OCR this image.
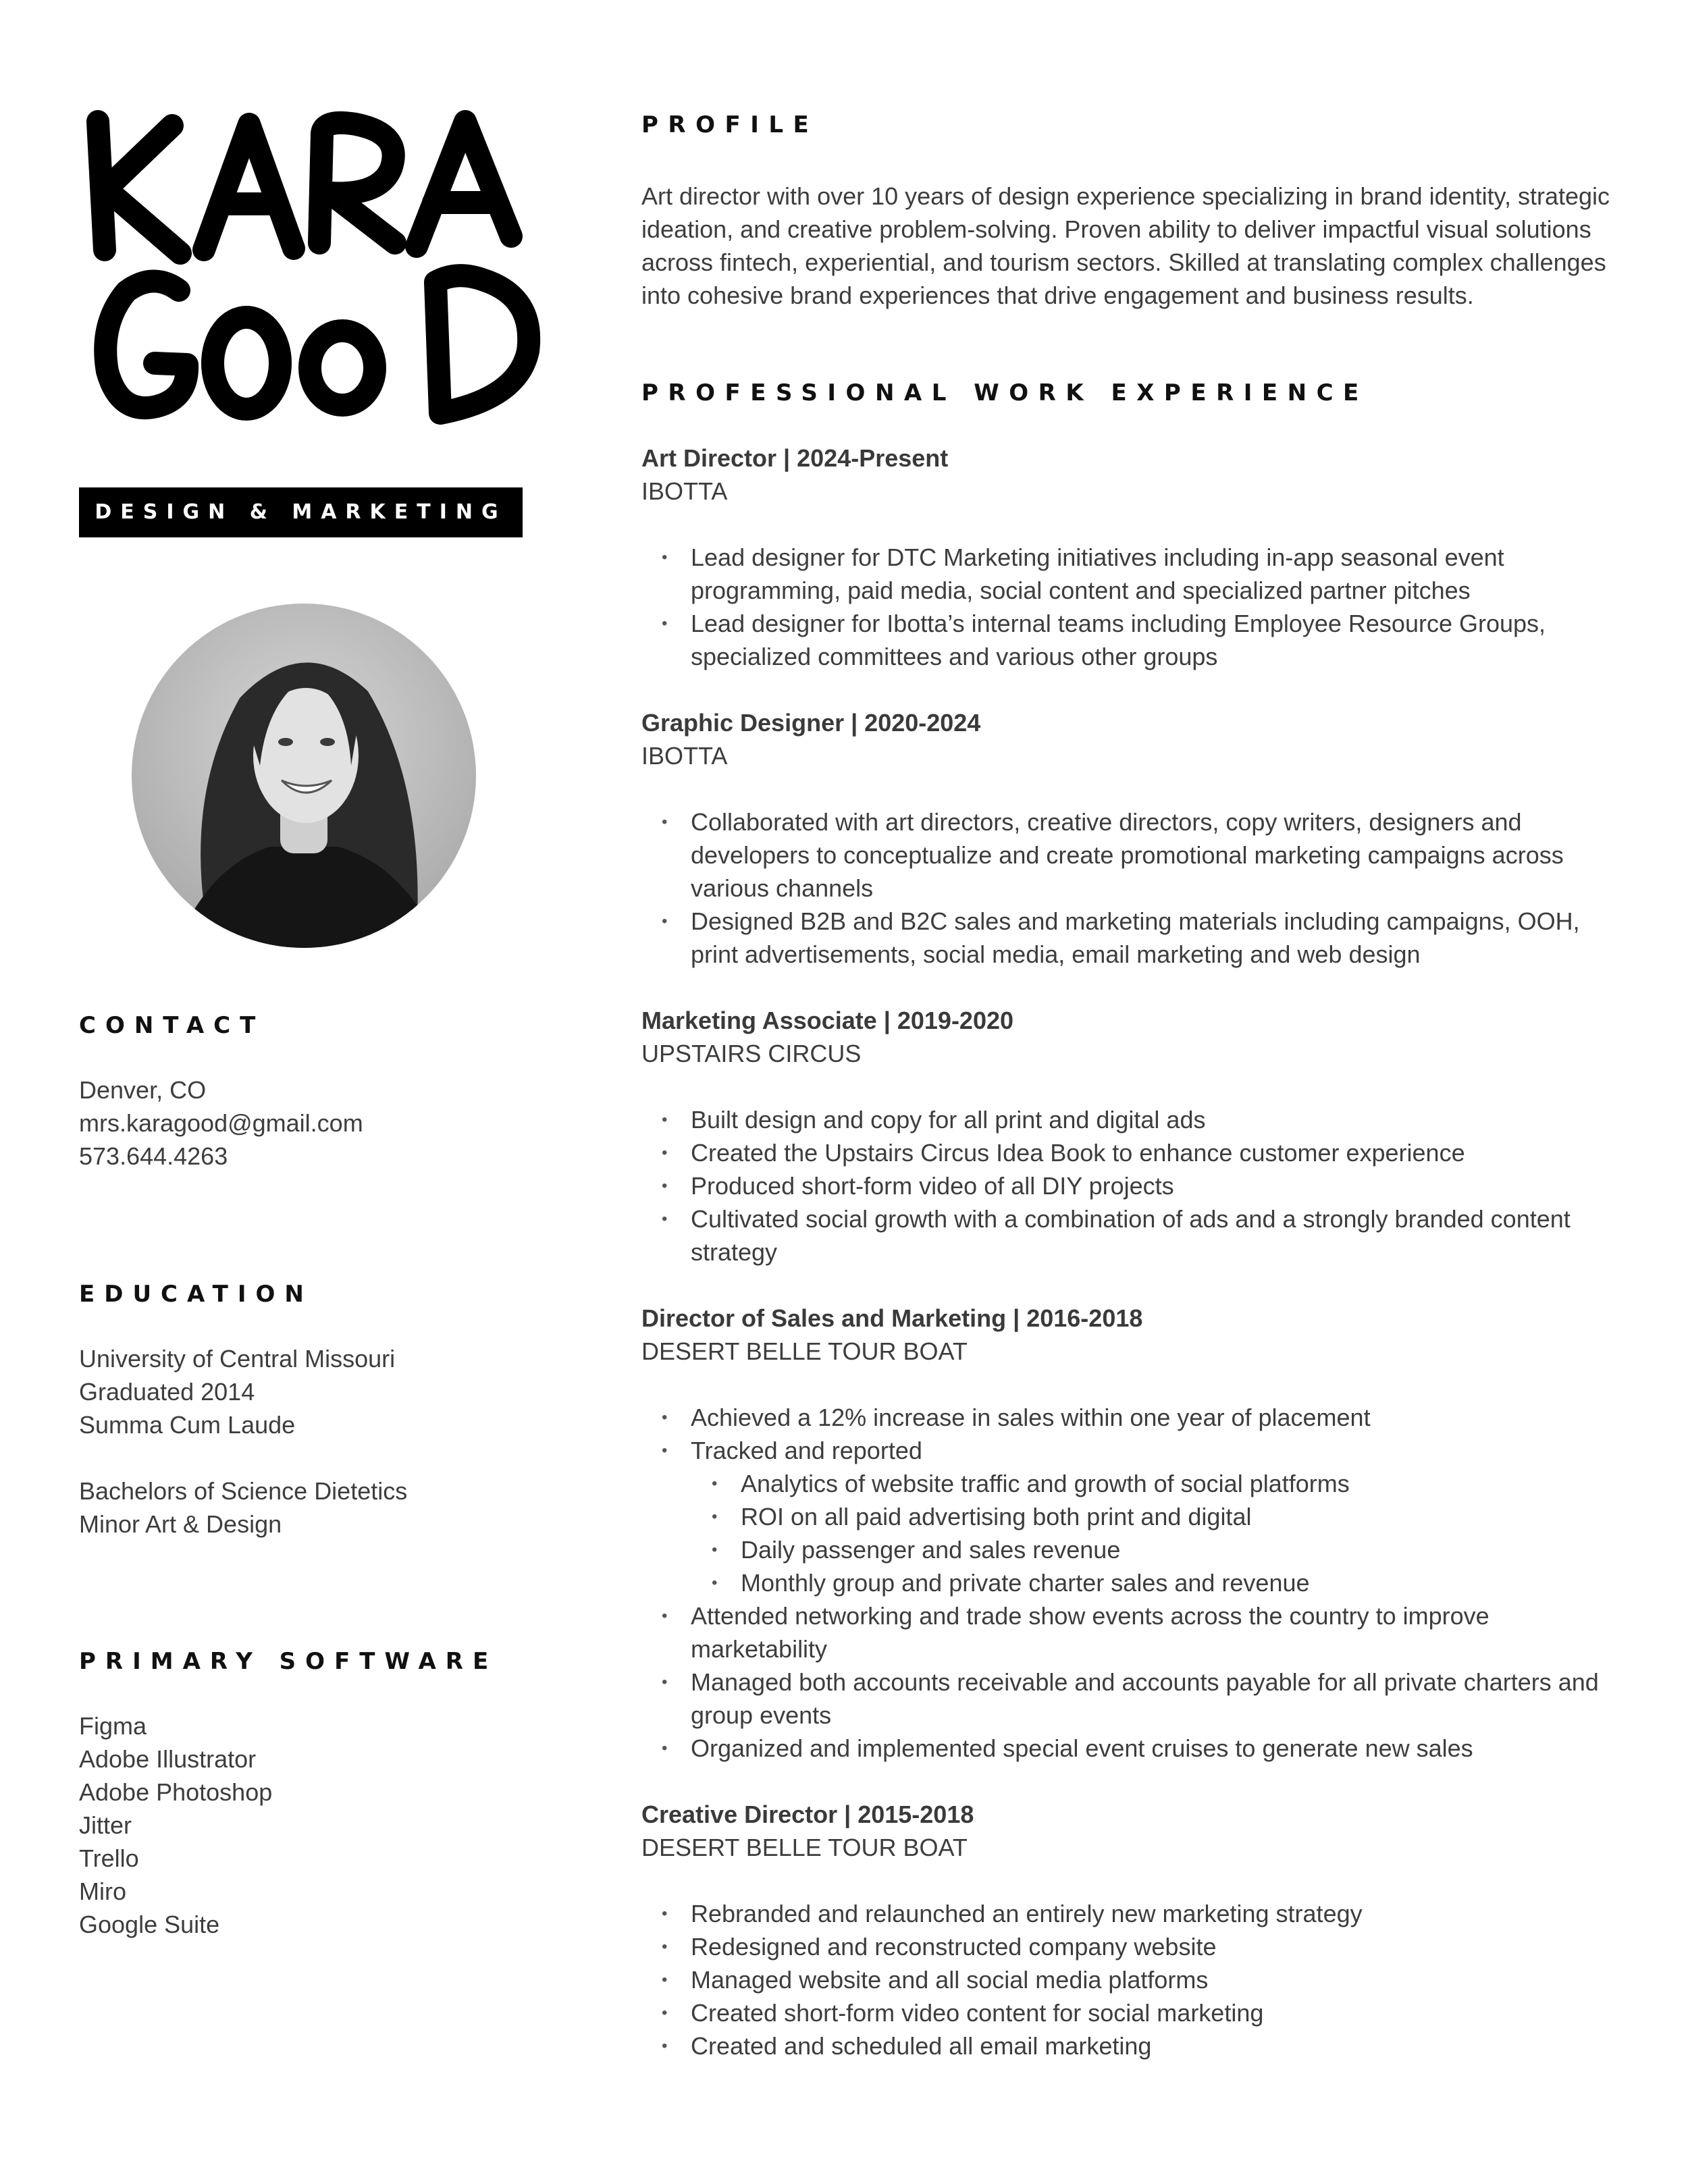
DESIGN & MARKETING
CONTACT
Denver, CO
mrs.karagood@gmail.com
573.644.4263
EDUCATION
University of Central Missouri
Graduated 2014
Summa Cum Laude
Bachelors of Science Dietetics
Minor Art & Design
PRIMARY SOFTWARE
Figma
Adobe Illustrator
Adobe Photoshop
Jitter
Trello
Miro
Google Suite
PROFILE
Art director with over 10 years of design experience specializing in brand identity, strategic ideation, and creative problem-solving. Proven ability to deliver impactful visual solutions across fintech, experiential, and tourism sectors. Skilled at translating complex challenges into cohesive brand experiences that drive engagement and business results.
PROFESSIONAL WORK EXPERIENCE
Art Director | 2024-Present
IBOTTA
• Lead designer for DTC Marketing initiatives including in-app seasonal event programming, paid media, social content and specialized partner pitches
• Lead designer for Ibotta’s internal teams including Employee Resource Groups, specialized committees and various other groups
Graphic Designer | 2020-2024
IBOTTA
• Collaborated with art directors, creative directors, copy writers, designers and developers to conceptualize and create promotional marketing campaigns across various channels
• Designed B2B and B2C sales and marketing materials including campaigns, OOH, print advertisements, social media, email marketing and web design
Marketing Associate | 2019-2020
UPSTAIRS CIRCUS
• Built design and copy for all print and digital ads
• Created the Upstairs Circus Idea Book to enhance customer experience
• Produced short-form video of all DIY projects
• Cultivated social growth with a combination of ads and a strongly branded content strategy
Director of Sales and Marketing | 2016-2018
DESERT BELLE TOUR BOAT
• Achieved a 12% increase in sales within one year of placement
• Tracked and reported
• Analytics of website traffic and growth of social platforms
• ROI on all paid advertising both print and digital
• Daily passenger and sales revenue
• Monthly group and private charter sales and revenue
• Attended networking and trade show events across the country to improve marketability
• Managed both accounts receivable and accounts payable for all private charters and group events
• Organized and implemented special event cruises to generate new sales
Creative Director | 2015-2018
DESERT BELLE TOUR BOAT
• Rebranded and relaunched an entirely new marketing strategy
• Redesigned and reconstructed company website
• Managed website and all social media platforms
• Created short-form video content for social marketing
• Created and scheduled all email marketing
